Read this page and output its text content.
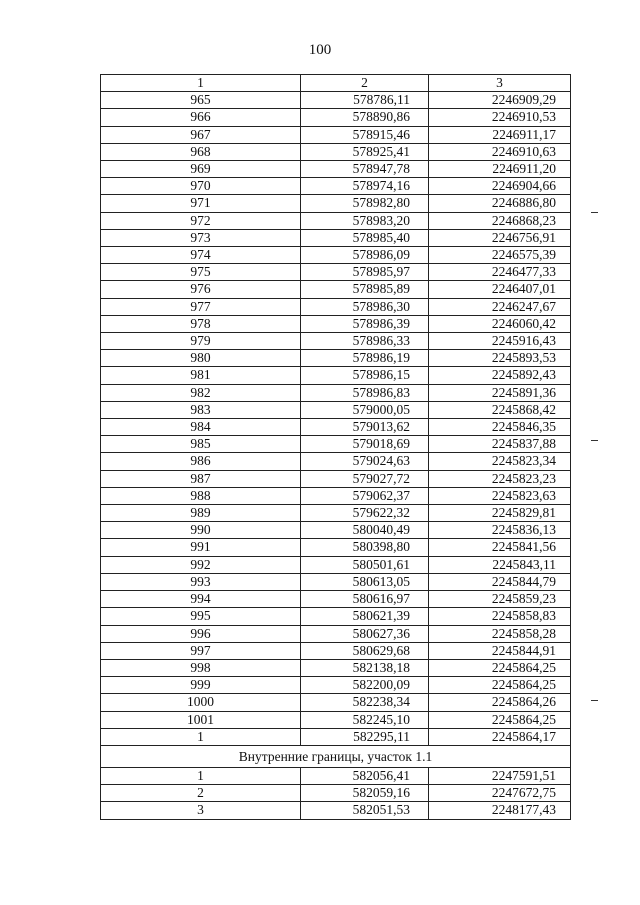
100
1	2	3
965	578786,11	2246909,29
966	578890,86	2246910,53
967	578915,46	2246911,17
968	578925,41	2246910,63
969	578947,78	2246911,20
970	578974,16	2246904,66
971	578982,80	2246886,80
972	578983,20	2246868,23
973	578985,40	2246756,91
974	578986,09	2246575,39
975	578985,97	2246477,33
976	578985,89	2246407,01
977	578986,30	2246247,67
978	578986,39	2246060,42
979	578986,33	2245916,43
980	578986,19	2245893,53
981	578986,15	2245892,43
982	578986,83	2245891,36
983	579000,05	2245868,42
984	579013,62	2245846,35
985	579018,69	2245837,88
986	579024,63	2245823,34
987	579027,72	2245823,23
988	579062,37	2245823,63
989	579622,32	2245829,81
990	580040,49	2245836,13
991	580398,80	2245841,56
992	580501,61	2245843,11
993	580613,05	2245844,79
994	580616,97	2245859,23
995	580621,39	2245858,83
996	580627,36	2245858,28
997	580629,68	2245844,91
998	582138,18	2245864,25
999	582200,09	2245864,25
1000	582238,34	2245864,26
1001	582245,10	2245864,25
1	582295,11	2245864,17
Внутренние границы, участок 1.1		
1	582056,41	2247591,51
2	582059,16	2247672,75
3	582051,53	2248177,43
